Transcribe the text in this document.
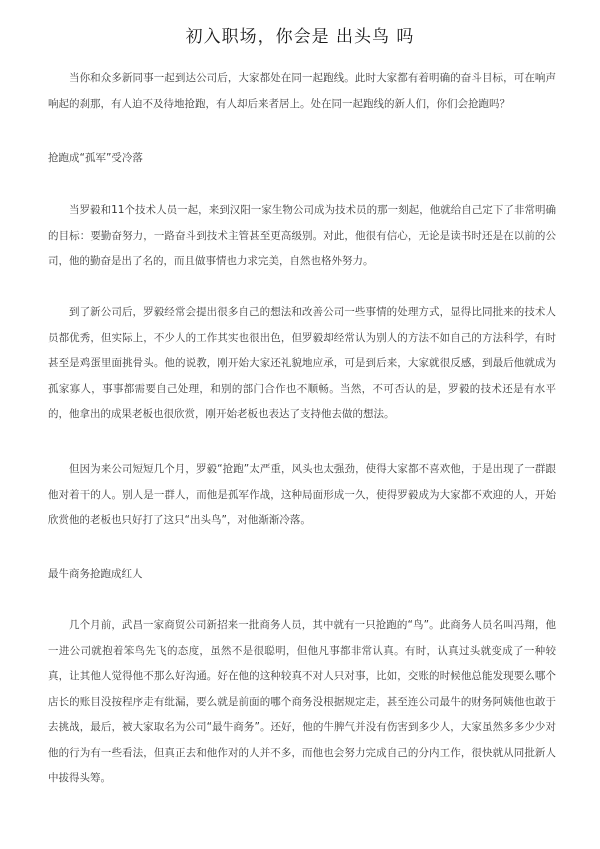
初入职场，你会是 出头鸟 吗

当你和众多新同事一起到达公司后，大家都处在同一起跑线。此时大家都有着明确的奋斗目标，可在响声响起的刹那，有人迫不及待地抢跑，有人却后来者居上。处在同一起跑线的新人们，你们会抢跑吗？

抢跑成“孤军”受冷落

当罗毅和11个技术人员一起，来到汉阳一家生物公司成为技术员的那一刻起，他就给自己定下了非常明确的目标：要勤奋努力，一路奋斗到技术主管甚至更高级别。对此，他很有信心，无论是读书时还是在以前的公司，他的勤奋是出了名的，而且做事情也力求完美，自然也格外努力。

到了新公司后，罗毅经常会提出很多自己的想法和改善公司一些事情的处理方式，显得比同批来的技术人员都优秀，但实际上，不少人的工作其实也很出色，但罗毅却经常认为别人的方法不如自己的方法科学，有时甚至是鸡蛋里面挑骨头。他的说教，刚开始大家还礼貌地应承，可是到后来，大家就很反感，到最后他就成为孤家寡人，事事都需要自己处理，和别的部门合作也不顺畅。当然，不可否认的是，罗毅的技术还是有水平的，他拿出的成果老板也很欣赏，刚开始老板也表达了支持他去做的想法。

但因为来公司短短几个月，罗毅“抢跑”太严重，风头也太强劲，使得大家都不喜欢他，于是出现了一群跟他对着干的人。别人是一群人，而他是孤军作战，这种局面形成一久，使得罗毅成为大家都不欢迎的人，开始欣赏他的老板也只好打了这只“出头鸟”，对他渐渐冷落。

最牛商务抢跑成红人

几个月前，武昌一家商贸公司新招来一批商务人员，其中就有一只抢跑的“鸟”。此商务人员名叫冯翔，他一进公司就抱着笨鸟先飞的态度，虽然不是很聪明，但他凡事都非常认真。有时，认真过头就变成了一种较真，让其他人觉得他不那么好沟通。好在他的这种较真不对人只对事，比如，交账的时候他总能发现要么哪个店长的账目没按程序走有纰漏，要么就是前面的哪个商务没根据规定走，甚至连公司最牛的财务阿姨他也敢于去挑战，最后，被大家取名为公司“最牛商务”。还好，他的牛脾气并没有伤害到多少人，大家虽然多多少少对他的行为有一些看法，但真正去和他作对的人并不多，而他也会努力完成自己的分内工作，很快就从同批新人中拔得头筹。
